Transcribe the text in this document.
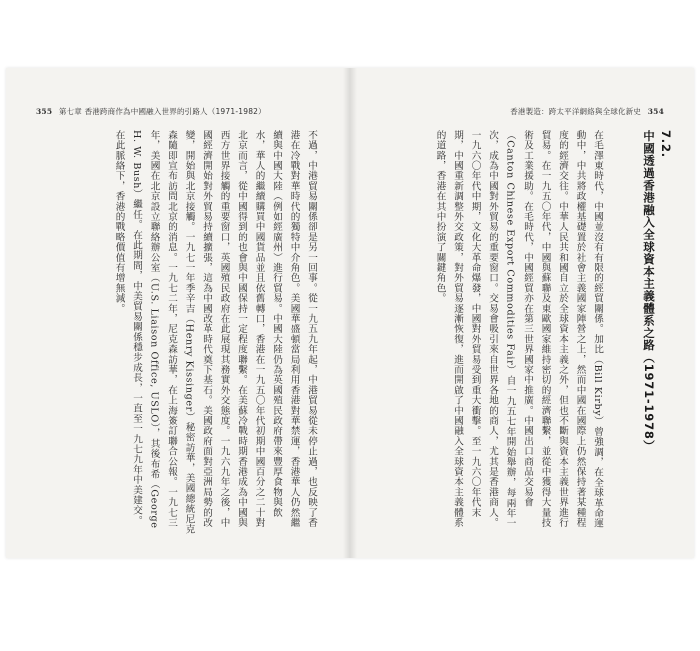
355 第七章 香港跨商作為中國融入世界的引路人（1971-1982）
不過，中港貿易關係卻是另一回事。從一九五九年起，中港貿易從未停止過，也反映了香港在冷戰對華時代的獨特中介角色。美國華盛頓當局利用香港對華禁運，香港華人仍然繼續與中國大陸（例如經廣州）進行貿易。中國大陸仍為英國殖民政府帶來豐厚食物與飲水，華人的繼續購買中國貨品並且依舊轉口，香港在一九五〇年代初期中國百分之二十對北京而言，從中國得到的也會與中國保持一定程度聯繫。在美蘇冷戰時期香港成為中國與西方世界接觸的重要窗口，英國殖民政府在此展現其務實外交態度。一九六九年之後，中國經濟開始對外貿易持續擴張，這為中國改革時代奠下基石。美國政府面對亞洲局勢的改變，開始與北京接觸。一九七一年季辛吉（Henry Kissinger）秘密訪華，美國總統尼克森隨即宣布訪問北京的消息。一九七二年，尼克森訪華，在上海簽訂聯合公報。一九七三年，美國在北京設立聯絡辦公室（U.S. Liaison Office, USLO），其後布希（George H. W. Bush）繼任。在此期間，中美貿易關係穩步成長，一直至一九七九年中美建交。在此脈絡下，香港的戰略價值有增無減。
香港製造：跨太平洋網絡與全球化新史 354
7.2.
中國透過香港融入全球資本主義體系之路（1971-1978）
在毛澤東時代，中國並沒有有限的經貿關係。加比（Bill Kirby）曾強調，在全球革命運動中，中共將政權基礎置於社會主義國家陣營之上，然而中國在國際上仍然保持著某種程度的經濟交往。中華人民共和國自立於全球資本主義之外，但也不斷與資本主義世界進行貿易。在一九五〇年代，中國與蘇聯及東歐國家維持密切的經濟聯繫，並從中獲得大量技術及工業援助。在毛時代，中國經貿亦在第三世界國家中推廣。中國出口商品交易會（Canton Chinese Export Commodities Fair）自一九五七年開始舉辦，每兩年一次，成為中國對外貿易的重要窗口。交易會吸引來自世界各地的商人，尤其是香港商人。一九六〇年代中期，文化大革命爆發，中國對外貿易受到重大衝擊。至一九六〇年代末期，中國重新調整外交政策，對外貿易逐漸恢復，進而開啟了中國融入全球資本主義體系的道路，香港在其中扮演了關鍵角色。
